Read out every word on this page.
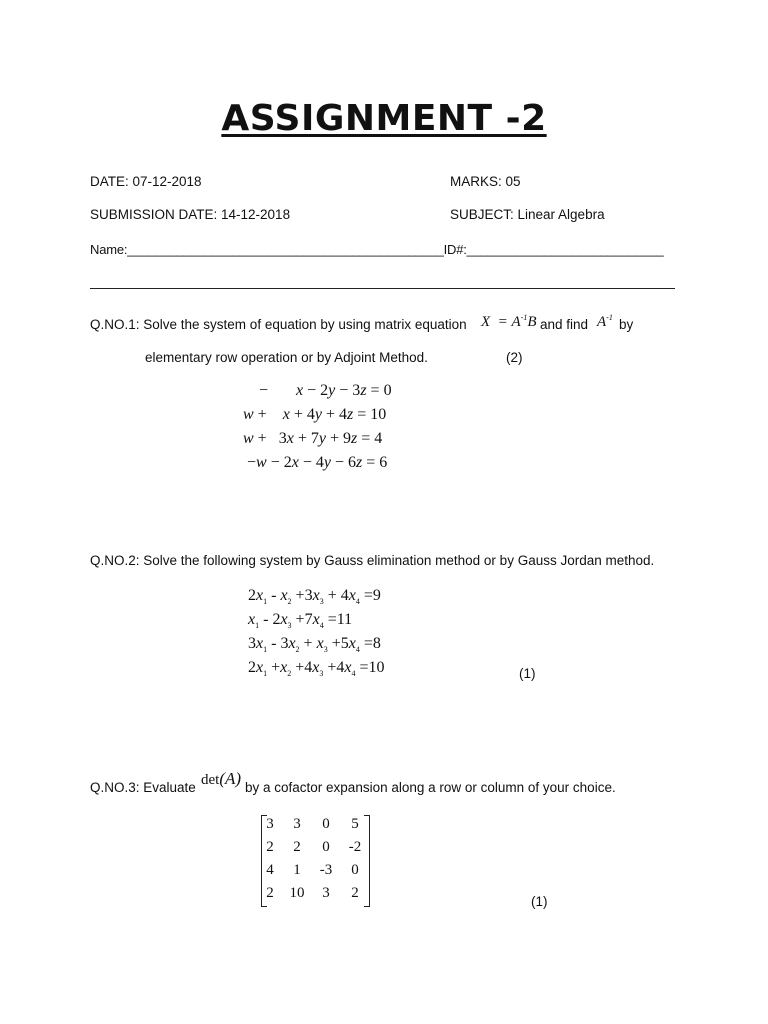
ASSIGNMENT -2
DATE: 07-12-2018	MARKS: 05
SUBMISSION DATE: 14-12-2018	SUBJECT: Linear Algebra
Name:_____________________________________________ID#:____________________________
Q.NO.1: Solve the system of equation by using matrix equation $X = A^{-1}B$ and find $A^{-1}$ by
elementary row operation or by Adjoint Method.	(2)
−       x − 2y − 3z = 0
w +    x + 4y + 4z = 10
w +   3x + 7y + 9z = 4
−w − 2x − 4y − 6z = 6
Q.NO.2: Solve the following system by Gauss elimination method or by Gauss Jordan method.
$2x_1 - x_2 +3x_3 + 4x_4 =9$
$x_1 - 2x_3 +7x_4 =11$
$3x_1 - 3x_2 + x_3 +5x_4 =8$
$2x_1 +x_2 +4x_3 +4x_4 =10$	(1)
Q.NO.3: Evaluate det(A) by a cofactor expansion along a row or column of your choice.
3	3	0	5
2	2	0	-2
4	1	-3	0
2	10	3	2
(1)
